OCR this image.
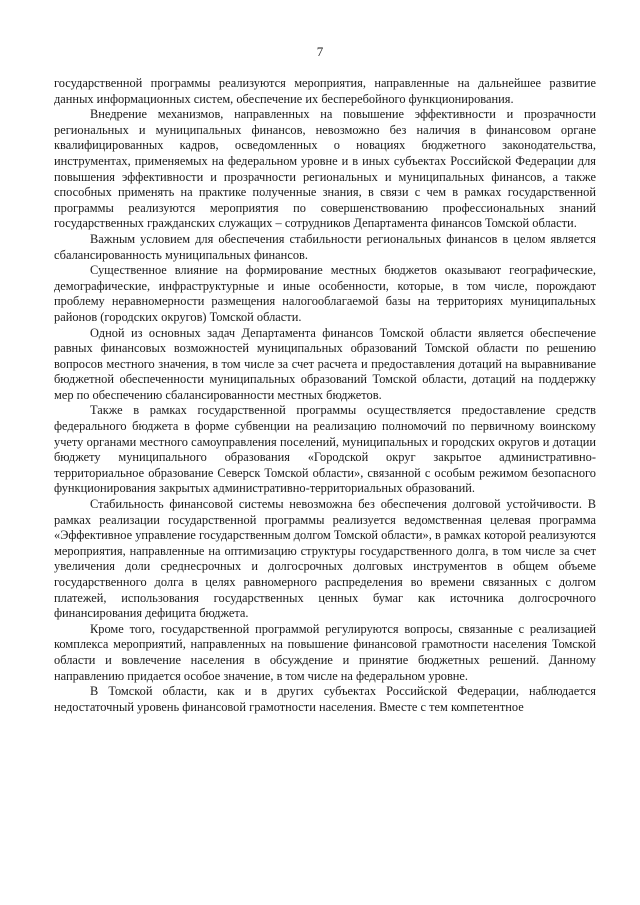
7

государственной программы реализуются мероприятия, направленные на дальнейшее развитие данных информационных систем, обеспечение их бесперебойного функционирования.

Внедрение механизмов, направленных на повышение эффективности и прозрачности региональных и муниципальных финансов, невозможно без наличия в финансовом органе квалифицированных кадров, осведомленных о новациях бюджетного законодательства, инструментах, применяемых на федеральном уровне и в иных субъектах Российской Федерации для повышения эффективности и прозрачности региональных и муниципальных финансов, а также способных применять на практике полученные знания, в связи с чем в рамках государственной программы реализуются мероприятия по совершенствованию профессиональных знаний государственных гражданских служащих – сотрудников Департамента финансов Томской области.

Важным условием для обеспечения стабильности региональных финансов в целом является сбалансированность муниципальных финансов.

Существенное влияние на формирование местных бюджетов оказывают географические, демографические, инфраструктурные и иные особенности, которые, в том числе, порождают проблему неравномерности размещения налогооблагаемой базы на территориях муниципальных районов (городских округов) Томской области.

Одной из основных задач Департамента финансов Томской области является обеспечение равных финансовых возможностей муниципальных образований Томской области по решению вопросов местного значения, в том числе за счет расчета и предоставления дотаций на выравнивание бюджетной обеспеченности муниципальных образований Томской области, дотаций на поддержку мер по обеспечению сбалансированности местных бюджетов.

Также в рамках государственной программы осуществляется предоставление средств федерального бюджета в форме субвенции на реализацию полномочий по первичному воинскому учету органами местного самоуправления поселений, муниципальных и городских округов и дотации бюджету муниципального образования «Городской округ закрытое административно-территориальное образование Северск Томской области», связанной с особым режимом безопасного функционирования закрытых административно-территориальных образований.

Стабильность финансовой системы невозможна без обеспечения долговой устойчивости. В рамках реализации государственной программы реализуется ведомственная целевая программа «Эффективное управление государственным долгом Томской области», в рамках которой реализуются мероприятия, направленные на оптимизацию структуры государственного долга, в том числе за счет увеличения доли среднесрочных и долгосрочных долговых инструментов в общем объеме государственного долга в целях равномерного распределения во времени связанных с долгом платежей, использования государственных ценных бумаг как источника долгосрочного финансирования дефицита бюджета.

Кроме того, государственной программой регулируются вопросы, связанные с реализацией комплекса мероприятий, направленных на повышение финансовой грамотности населения Томской области и вовлечение населения в обсуждение и принятие бюджетных решений. Данному направлению придается особое значение, в том числе на федеральном уровне.

В Томской области, как и в других субъектах Российской Федерации, наблюдается недостаточный уровень финансовой грамотности населения. Вместе с тем компетентное
